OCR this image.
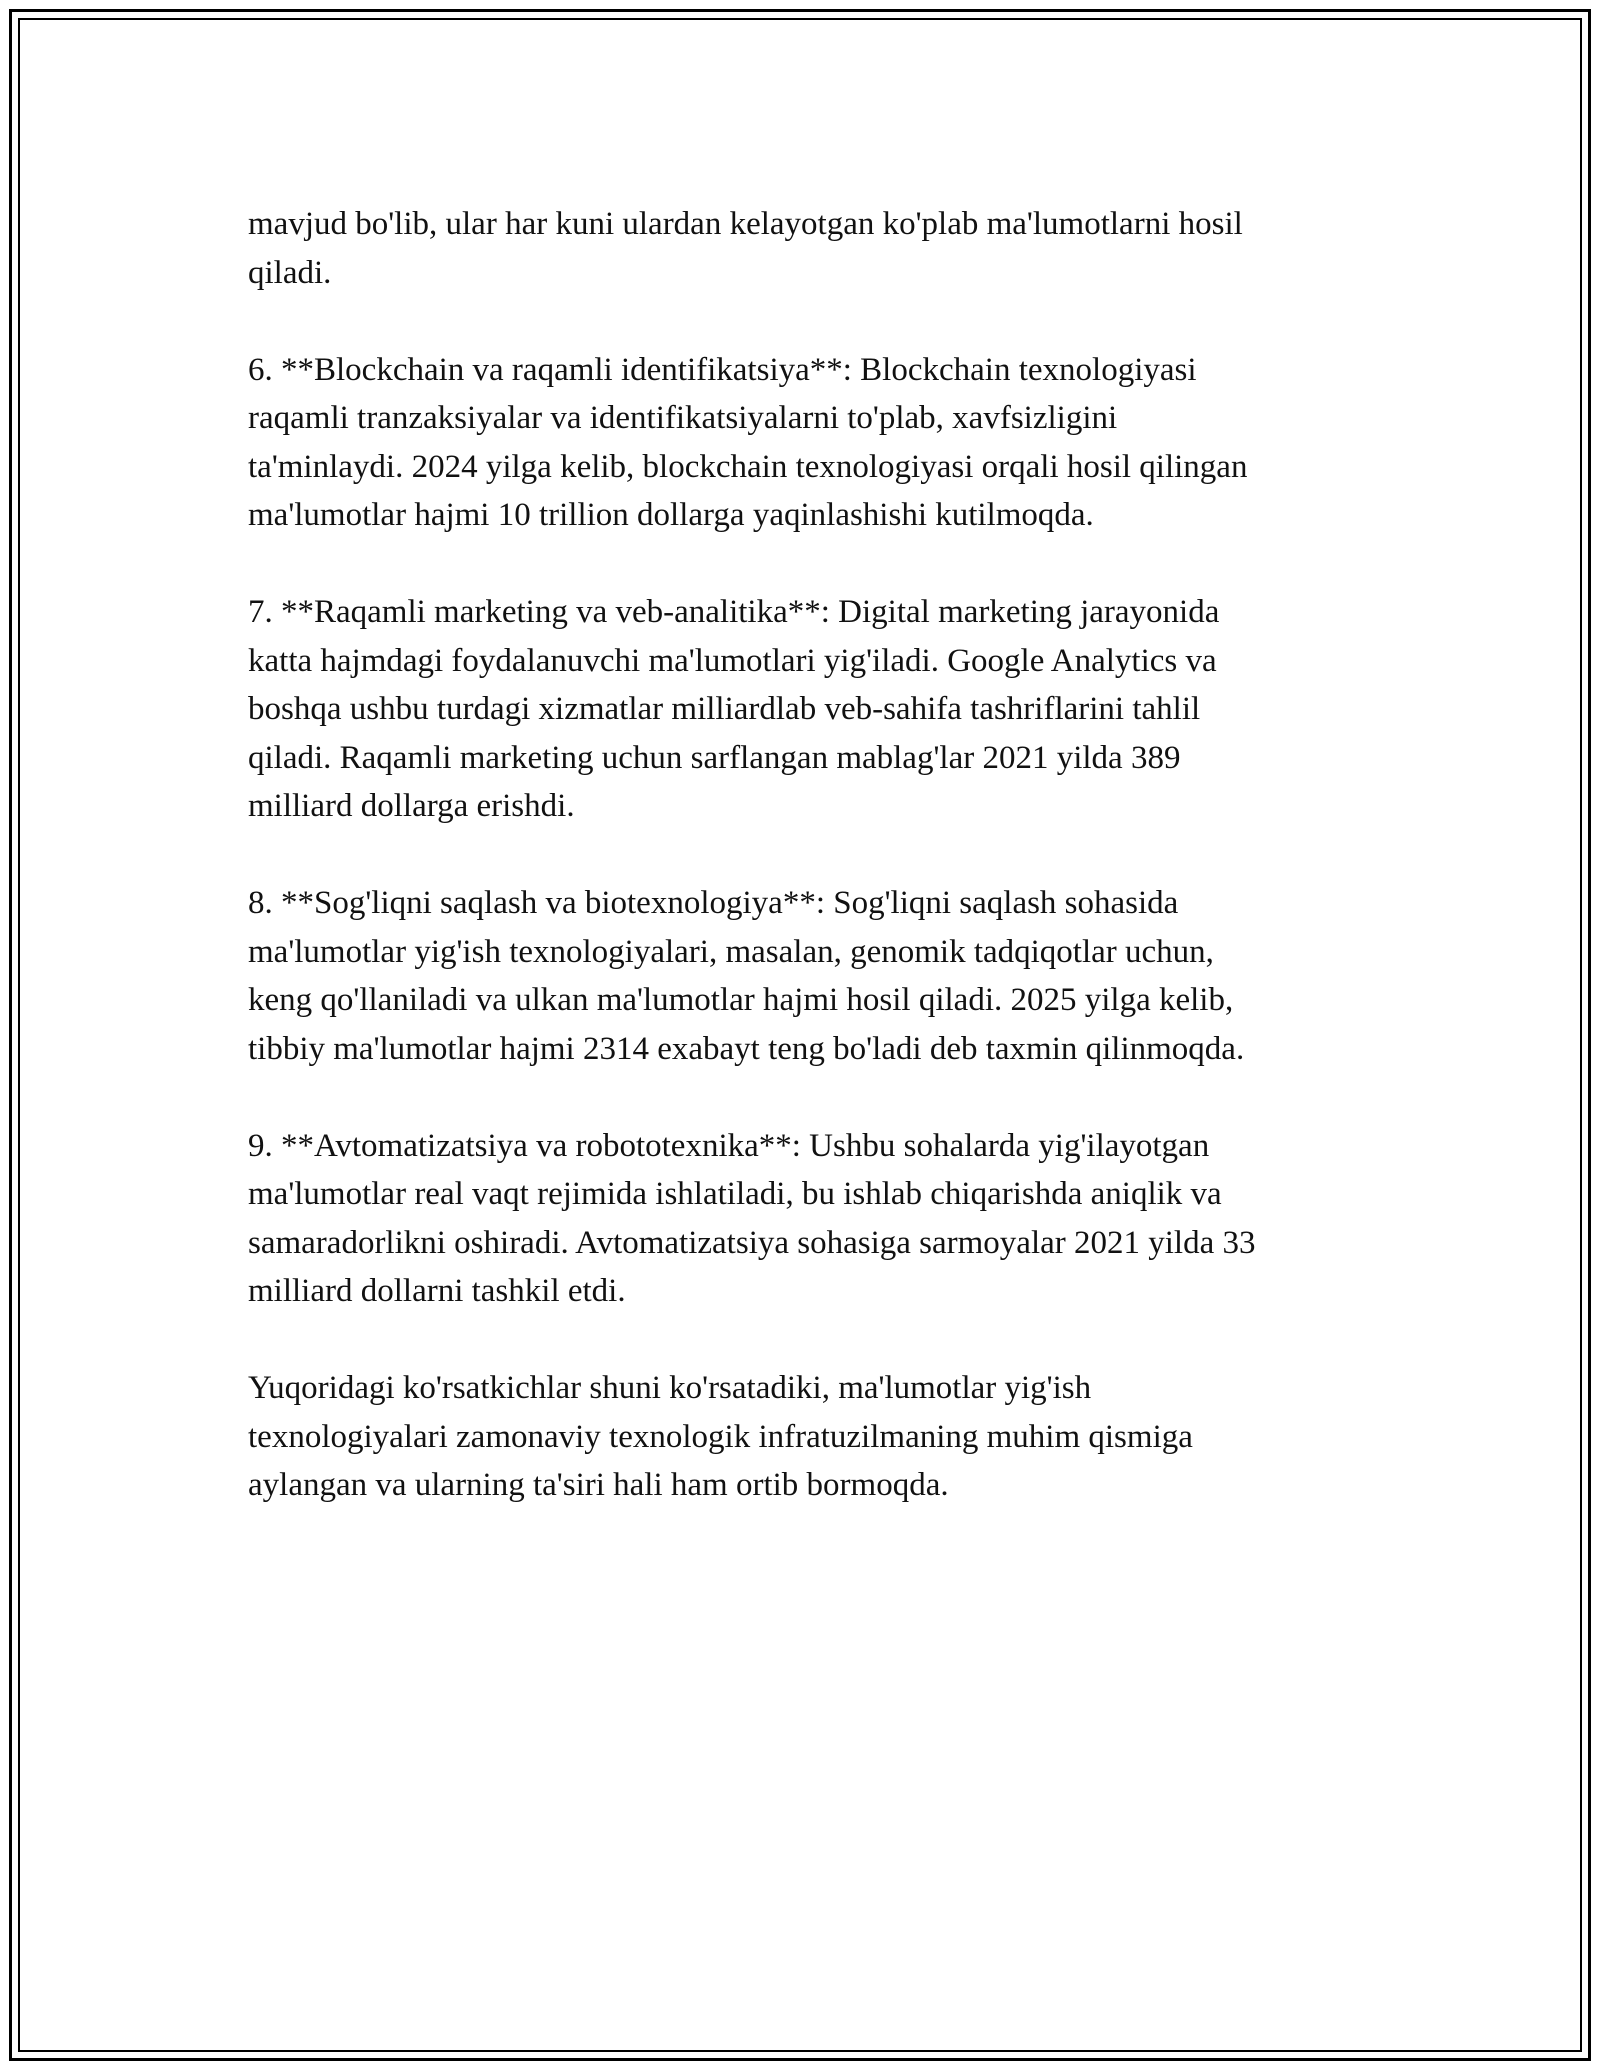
mavjud bo'lib, ular har kuni ulardan kelayotgan ko'plab ma'lumotlarni hosil
qiladi.

6. **Blockchain va raqamli identifikatsiya**: Blockchain texnologiyasi
raqamli tranzaksiyalar va identifikatsiyalarni to'plab, xavfsizligini
ta'minlaydi. 2024 yilga kelib, blockchain texnologiyasi orqali hosil qilingan
ma'lumotlar hajmi 10 trillion dollarga yaqinlashishi kutilmoqda.

7. **Raqamli marketing va veb-analitika**: Digital marketing jarayonida
katta hajmdagi foydalanuvchi ma'lumotlari yig'iladi. Google Analytics va
boshqa ushbu turdagi xizmatlar milliardlab veb-sahifa tashriflarini tahlil
qiladi. Raqamli marketing uchun sarflangan mablag'lar 2021 yilda 389
milliard dollarga erishdi.

8. **Sog'liqni saqlash va biotexnologiya**: Sog'liqni saqlash sohasida
ma'lumotlar yig'ish texnologiyalari, masalan, genomik tadqiqotlar uchun,
keng qo'llaniladi va ulkan ma'lumotlar hajmi hosil qiladi. 2025 yilga kelib,
tibbiy ma'lumotlar hajmi 2314 exabayt teng bo'ladi deb taxmin qilinmoqda.

9. **Avtomatizatsiya va robototexnika**: Ushbu sohalarda yig'ilayotgan
ma'lumotlar real vaqt rejimida ishlatiladi, bu ishlab chiqarishda aniqlik va
samaradorlikni oshiradi. Avtomatizatsiya sohasiga sarmoyalar 2021 yilda 33
milliard dollarni tashkil etdi.

Yuqoridagi ko'rsatkichlar shuni ko'rsatadiki, ma'lumotlar yig'ish
texnologiyalari zamonaviy texnologik infratuzilmaning muhim qismiga
aylangan va ularning ta'siri hali ham ortib bormoqda.
